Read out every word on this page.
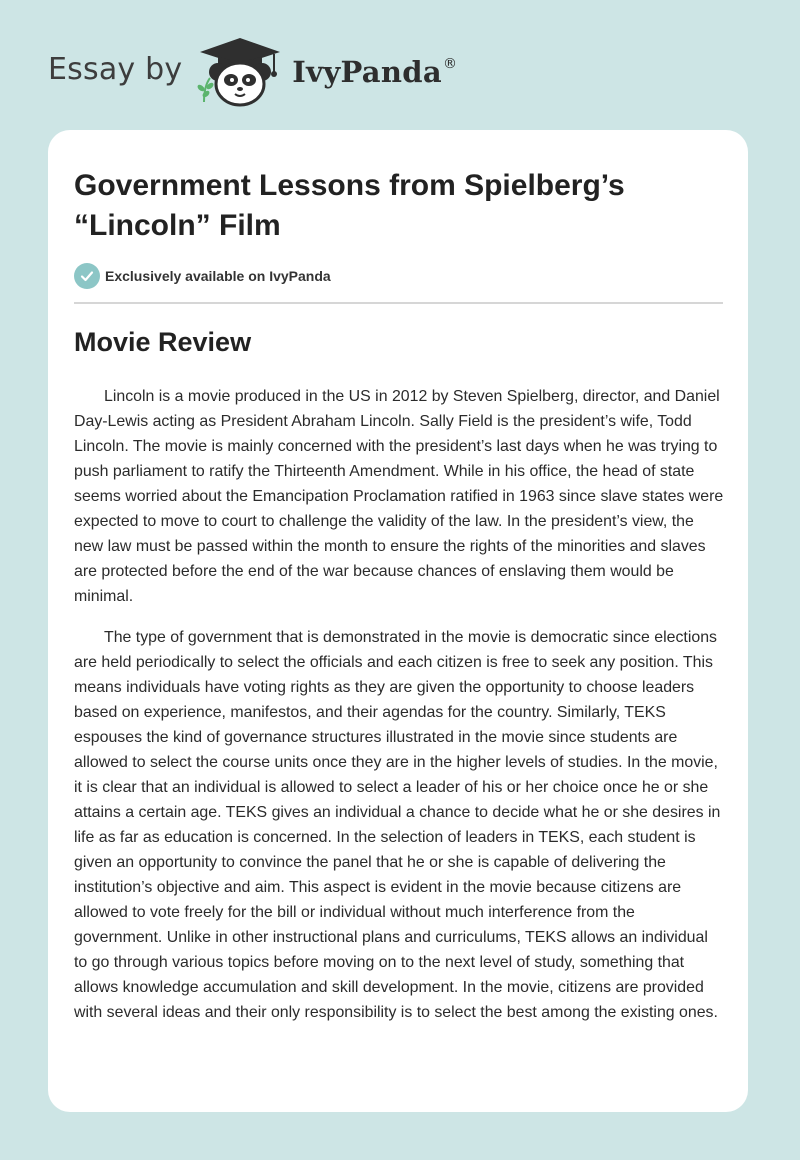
Essay by	IvyPanda®
Government Lessons from Spielberg’s “Lincoln” Film
Exclusively available on IvyPanda
Movie Review

Lincoln is a movie produced in the US in 2012 by Steven Spielberg, director, and Daniel Day-Lewis acting as President Abraham Lincoln. Sally Field is the president’s wife, Todd Lincoln. The movie is mainly concerned with the president’s last days when he was trying to push parliament to ratify the Thirteenth Amendment. While in his office, the head of state seems worried about the Emancipation Proclamation ratified in 1963 since slave states were expected to move to court to challenge the validity of the law. In the president’s view, the new law must be passed within the month to ensure the rights of the minorities and slaves are protected before the end of the war because chances of enslaving them would be minimal.

The type of government that is demonstrated in the movie is democratic since elections are held periodically to select the officials and each citizen is free to seek any position. This means individuals have voting rights as they are given the opportunity to choose leaders based on experience, manifestos, and their agendas for the country. Similarly, TEKS espouses the kind of governance structures illustrated in the movie since students are allowed to select the course units once they are in the higher levels of studies. In the movie, it is clear that an individual is allowed to select a leader of his or her choice once he or she attains a certain age. TEKS gives an individual a chance to decide what he or she desires in life as far as education is concerned. In the selection of leaders in TEKS, each student is given an opportunity to convince the panel that he or she is capable of delivering the institution’s objective and aim. This aspect is evident in the movie because citizens are allowed to vote freely for the bill or individual without much interference from the government. Unlike in other instructional plans and curriculums, TEKS allows an individual to go through various topics before moving on to the next level of study, something that allows knowledge accumulation and skill development. In the movie, citizens are provided with several ideas and their only responsibility is to select the best among the existing ones.
